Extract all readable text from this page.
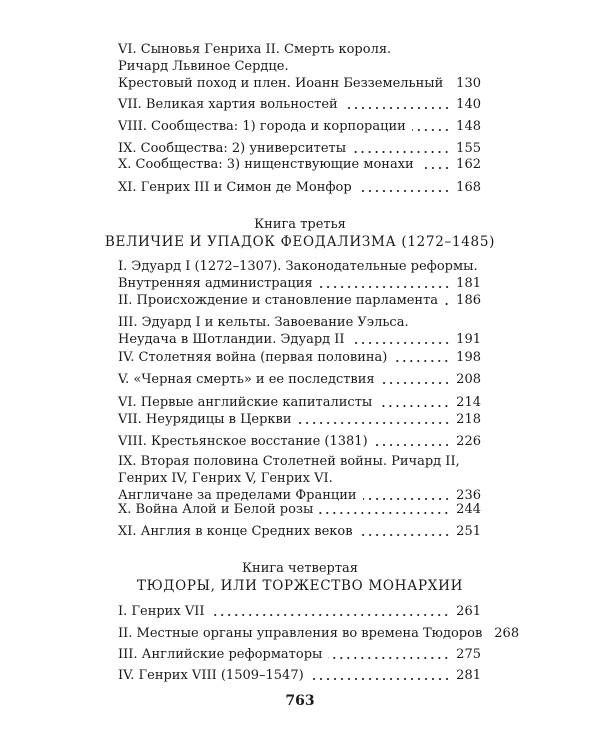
VI. Сыновья Генриха II. Смерть короля.
Ричард Львиное Сердце.
Крестовый поход и плен. Иоанн Безземельный 130
VII. Великая хартия вольностей	140
VIII. Сообщества: 1) города и корпорации	148
IX. Сообщества: 2) университеты	155
X. Сообщества: 3) нищенствующие монахи	162
XI. Генрих III и Симон де Монфор	168
Книга третья
ВЕЛИЧИЕ И УПАДОК ФЕОДАЛИЗМА (1272–1485)
I. Эдуард I (1272–1307). Законодательные реформы.
Внутренняя администрация	181
II. Происхождение и становление парламента 186
III. Эдуард I и кельты. Завоевание Уэльса.
Неудача в Шотландии. Эдуард II	191
IV. Столетняя война (первая половина)	198
V. «Черная смерть» и ее последствия	208
VI. Первые английские капиталисты	214
VII. Неурядицы в Церкви	218
VIII. Крестьянское восстание (1381)	226
IX. Вторая половина Столетней войны. Ричард II,
Генрих IV, Генрих V, Генрих VI.
Англичане за пределами Франции	236
X. Война Алой и Белой розы	244
XI. Англия в конце Средних веков	251
Книга четвертая
ТЮДОРЫ, ИЛИ ТОРЖЕСТВО МОНАРХИИ
I. Генрих VII	261
II. Местные органы управления во времена Тюдоров 268
III. Английские реформаторы	275
IV. Генрих VIII (1509–1547)	281
763
